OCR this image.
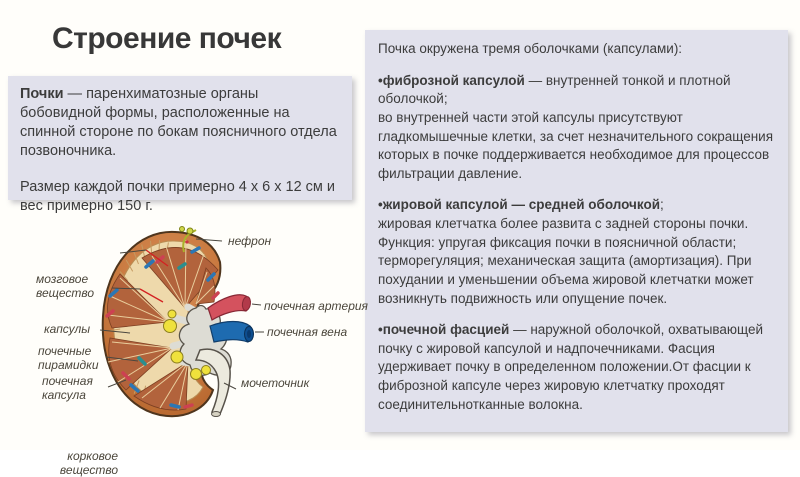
Строение почек

Почки — паренхиматозные органы бобовидной формы, расположенные на спинной стороне по бокам поясничного отдела позвоночника.

Размер каждой почки примерно 4 х 6 х 12 см и вес примерно 150 г.

Почка окружена тремя оболочками (капсулами):

•фиброзной капсулой — внутренней тонкой и плотной оболочкой;
во внутренней части этой капсулы присутствуют гладкомышечные клетки, за счет незначительного сокращения которых в почке поддерживается необходимое для процессов фильтрации давление.

•жировой капсулой — средней оболочкой;
жировая клетчатка более развита с задней стороны почки. Функция: упругая фиксация почки в поясничной области; терморегуляция; механическая защита (амортизация). При похудании и уменьшении объема жировой клетчатки может возникнуть подвижность или опущение почек.

•почечной фасцией — наружной оболочкой, охватывающей почку с жировой капсулой и надпочечниками. Фасция удерживает почку в определенном положении.От фасции к фиброзной капсуле через жировую клетчатку проходят соединительнотканные волокна.

корковое вещество
мозговое вещество
капсулы
почечные пирамидки
почечная капсула
нефрон
почечная артерия
почечная вена
мочеточник
